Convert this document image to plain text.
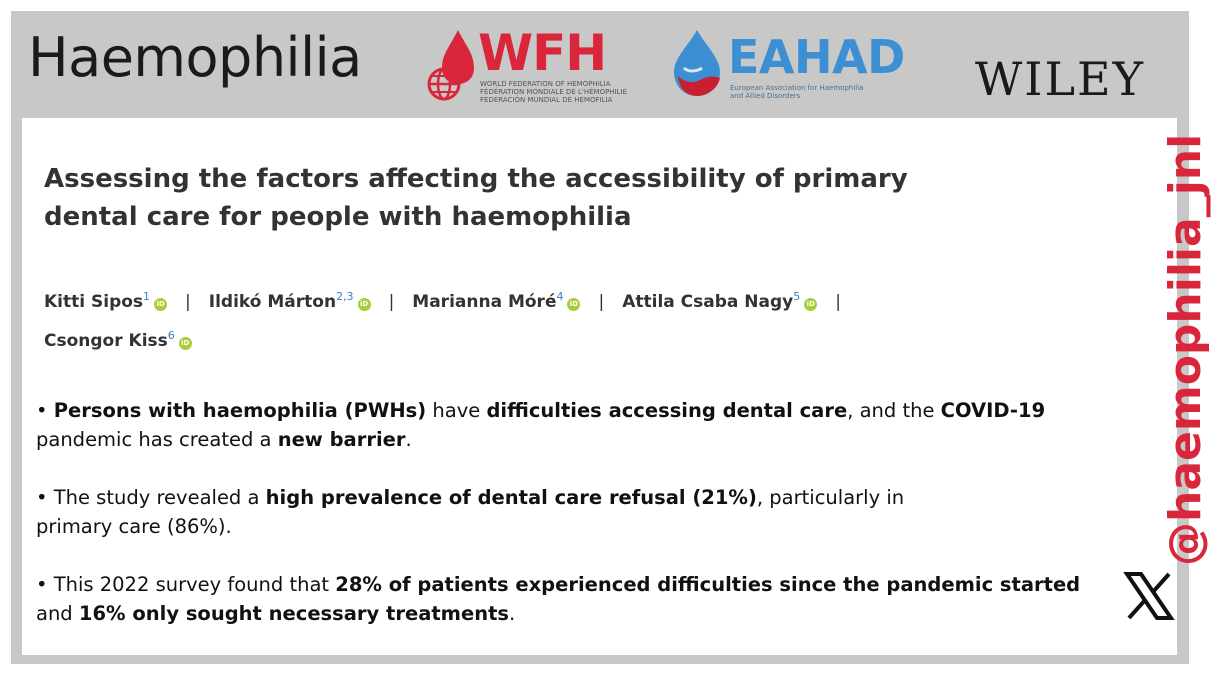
Haemophilia WFH
WORLD FEDERATION OF HEMOPHILIA
FÉDÉRATION MONDIALE DE L'HÉMOPHILIE
FEDERACIÓN MUNDIAL DE HEMOFILIA
EAHAD
European Association for Haemophilia
and Allied Disorders	WILEY
Assessing the factors affecting the accessibility of primary dental care for people with haemophilia
Kitti Sipos$^1$iD | Ildikó Márton$^{2,3}$iD | Marianna Móré$^4$iD | Attila Csaba Nagy$^5$iD |
Csongor Kiss$^6$iD

• Persons with haemophilia (PWHs) have difficulties accessing dental care, and the COVID-19 pandemic has created a new barrier.

• The study revealed a high prevalence of dental care refusal (21%), particularly in primary care (86%).

• This 2022 survey found that 28% of patients experienced difficulties since the pandemic started and 16% only sought necessary treatments.

@haemophilia_jnl
